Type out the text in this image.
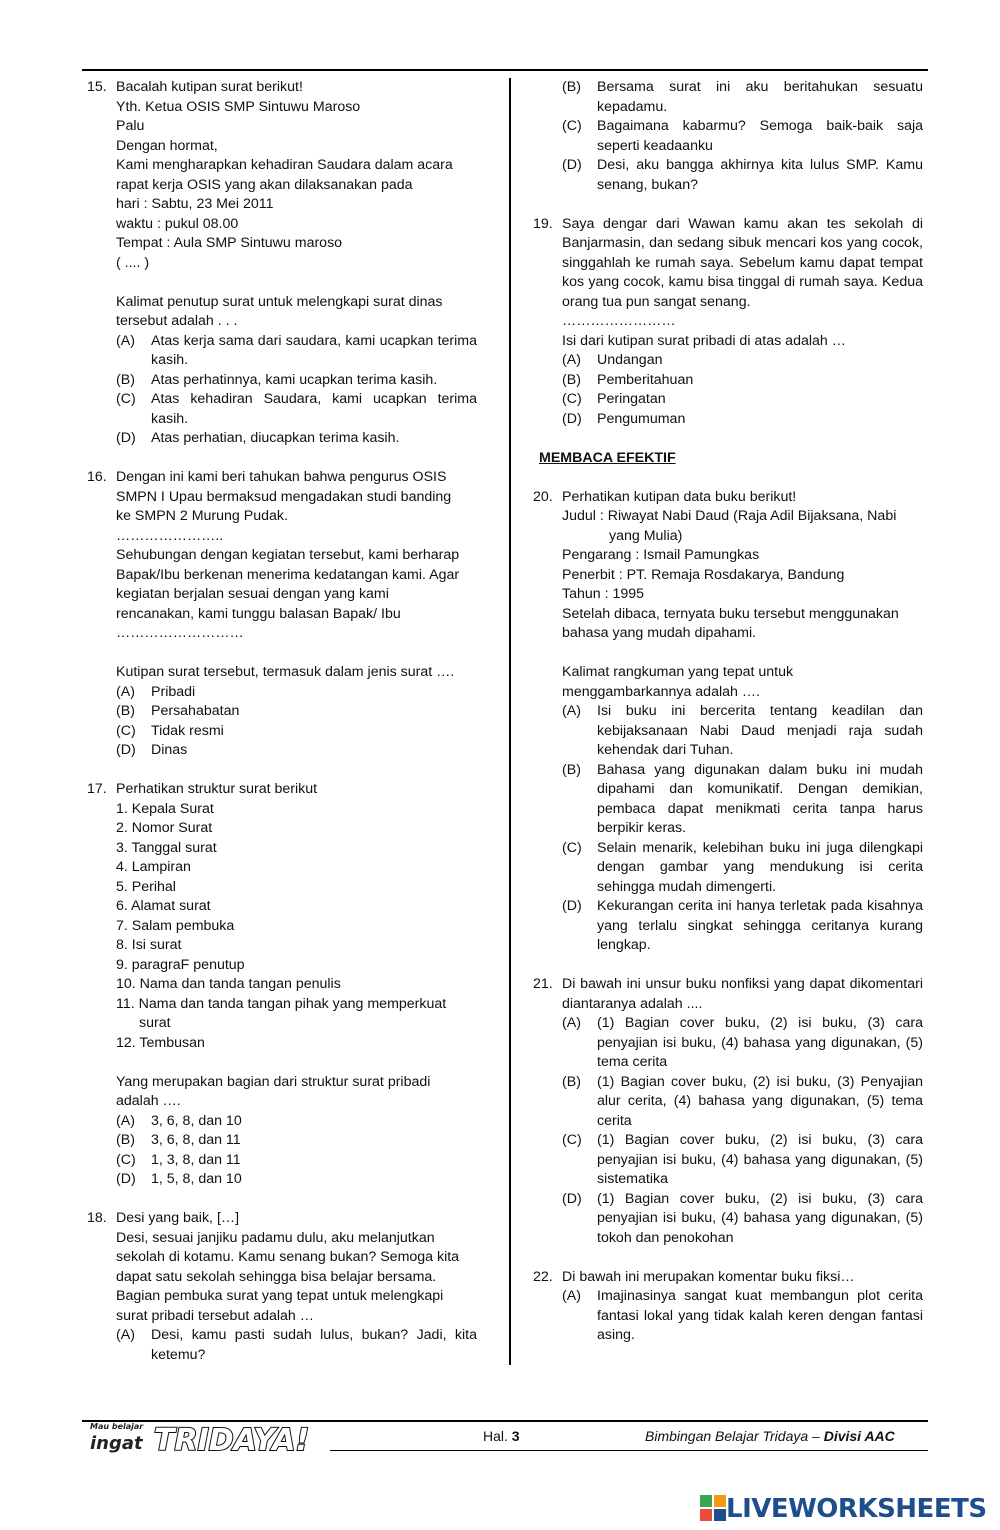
15. Bacalah kutipan surat berikut!
Yth. Ketua OSIS SMP Sintuwu Maroso
Palu
Dengan hormat,
Kami mengharapkan kehadiran Saudara dalam acara
rapat kerja OSIS yang akan dilaksanakan pada
hari : Sabtu, 23 Mei 2011
waktu : pukul 08.00
Tempat : Aula SMP Sintuwu maroso
( .... )
Kalimat penutup surat untuk melengkapi surat dinas
tersebut adalah . . .
(A)	Atas kerja sama dari saudara, kami ucapkan terima kasih.
(B)	Atas perhatinnya, kami ucapkan terima kasih.
(C)	Atas kehadiran Saudara, kami ucapkan terima kasih.
(D)	Atas perhatian, diucapkan terima kasih.
16. Dengan ini kami beri tahukan bahwa pengurus OSIS
SMPN I Upau bermaksud mengadakan studi banding
ke SMPN 2 Murung Pudak.
…………………..
Sehubungan dengan kegiatan tersebut, kami berharap
Bapak/Ibu berkenan menerima kedatangan kami. Agar
kegiatan berjalan sesuai dengan yang kami
rencanakan, kami tunggu balasan Bapak/ Ibu
………………………
Kutipan surat tersebut, termasuk dalam jenis surat ….
(A)	Pribadi
(B)	Persahabatan
(C)	Tidak resmi
(D)	Dinas
17. Perhatikan struktur surat berikut
1. Kepala Surat
2. Nomor Surat
3. Tanggal surat
4. Lampiran
5. Perihal
6. Alamat surat
7. Salam pembuka
8. Isi surat
9. paragraF penutup
10. Nama dan tanda tangan penulis
11. Nama dan tanda tangan pihak yang memperkuat surat
12. Tembusan
Yang merupakan bagian dari struktur surat pribadi
adalah ….
(A)	3, 6, 8, dan 10
(B)	3, 6, 8, dan 11
(C)	1, 3, 8, dan 11
(D)	1, 5, 8, dan 10
18. Desi yang baik, […]
Desi, sesuai janjiku padamu dulu, aku melanjutkan
sekolah di kotamu. Kamu senang bukan? Semoga kita
dapat satu sekolah sehingga bisa belajar bersama.
Bagian pembuka surat yang tepat untuk melengkapi
surat pribadi tersebut adalah …
(A)	Desi, kamu pasti sudah lulus, bukan? Jadi, kita ketemu?
(B)	Bersama surat ini aku beritahukan sesuatu kepadamu.
(C)	Bagaimana kabarmu? Semoga baik-baik saja seperti keadaanku
(D)	Desi, aku bangga akhirnya kita lulus SMP. Kamu senang, bukan?
19. Saya dengar dari Wawan kamu akan tes sekolah di Banjarmasin, dan sedang sibuk mencari kos yang cocok, singgahlah ke rumah saya. Sebelum kamu dapat tempat kos yang cocok, kamu bisa tinggal di rumah saya. Kedua orang tua pun sangat senang.
……………………
Isi dari kutipan surat pribadi di atas adalah …
(A)	Undangan
(B)	Pemberitahuan
(C)	Peringatan
(D)	Pengumuman
MEMBACA EFEKTIF
20. Perhatikan kutipan data buku berikut!
Judul : Riwayat Nabi Daud (Raja Adil Bijaksana, Nabi yang Mulia)
Pengarang : Ismail Pamungkas
Penerbit : PT. Remaja Rosdakarya, Bandung
Tahun : 1995
Setelah dibaca, ternyata buku tersebut menggunakan
bahasa yang mudah dipahami.
Kalimat rangkuman yang tepat untuk
menggambarkannya adalah ….
(A)	Isi buku ini bercerita tentang keadilan dan kebijaksanaan Nabi Daud menjadi raja sudah kehendak dari Tuhan.
(B)	Bahasa yang digunakan dalam buku ini mudah dipahami dan komunikatif. Dengan demikian, pembaca dapat menikmati cerita tanpa harus berpikir keras.
(C)	Selain menarik, kelebihan buku ini juga dilengkapi dengan gambar yang mendukung isi cerita sehingga mudah dimengerti.
(D)	Kekurangan cerita ini hanya terletak pada kisahnya yang terlalu singkat sehingga ceritanya kurang lengkap.
21. Di bawah ini unsur buku nonfiksi yang dapat dikomentari diantaranya adalah ....
(A)	(1) Bagian cover buku, (2) isi buku, (3) cara penyajian isi buku, (4) bahasa yang digunakan, (5) tema cerita
(B)	(1) Bagian cover buku, (2) isi buku, (3) Penyajian alur cerita, (4) bahasa yang digunakan, (5) tema cerita
(C)	(1) Bagian cover buku, (2) isi buku, (3) cara penyajian isi buku, (4) bahasa yang digunakan, (5) sistematika
(D)	(1) Bagian cover buku, (2) isi buku, (3) cara penyajian isi buku, (4) bahasa yang digunakan, (5) tokoh dan penokohan
22. Di bawah ini merupakan komentar buku fiksi…
(A)	Imajinasinya sangat kuat membangun plot cerita fantasi lokal yang tidak kalah keren dengan fantasi asing.
Mau belajar
ingat TRIDAYA!	Hal. 3	Bimbingan Belajar Tridaya – Divisi AAC
LIVEWORKSHEETS
